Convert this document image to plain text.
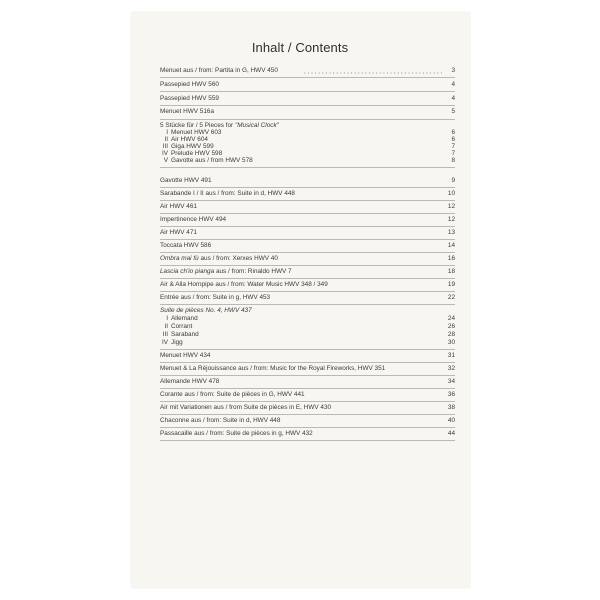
Inhalt / Contents
Menuet aus / from: Partita in G, HWV 450	3
Passepied HWV 560	4
Passepied HWV 559	4
Menuet HWV 516a	5
5 Stücke für / 5 Pieces for "Musical Clock"
I Menuet HWV 603	6
II Air HWV 604	6
III Giga HWV 599	7
IV Prelude HWV 598	7
V Gavotte aus / from HWV 578	8
Gavotte HWV 491	9
Sarabande I / II aus / from: Suite in d, HWV 448	10
Air HWV 461	12
Impertinence HWV 494	12
Air HWV 471	13
Toccata HWV 586	14
Ombra mai fù aus / from: Xerxes HWV 40	16
Lascia ch'io pianga aus / from: Rinaldo HWV 7	18
Air & Alla Hornpipe aus / from: Water Music HWV 348 / 349	19
Entrée aus / from: Suite in g, HWV 453	22
Suite de pièces No. 4, HWV 437
I Allemand	24
II Corrant	26
III Saraband	28
IV Jigg	30
Menuet HWV 434	31
Menuet & La Réjouissance aus / from: Music for the Royal Fireworks, HWV 351	32
Allemande HWV 478	34
Corante aus / from: Suite de pièces in G, HWV 441	36
Air mit Variationen aus / from Suite de pièces in E, HWV 430	38
Chaconne aus / from: Suite in d, HWV 448	40
Passacaille aus / from: Suite de pièces in g, HWV 432	44
